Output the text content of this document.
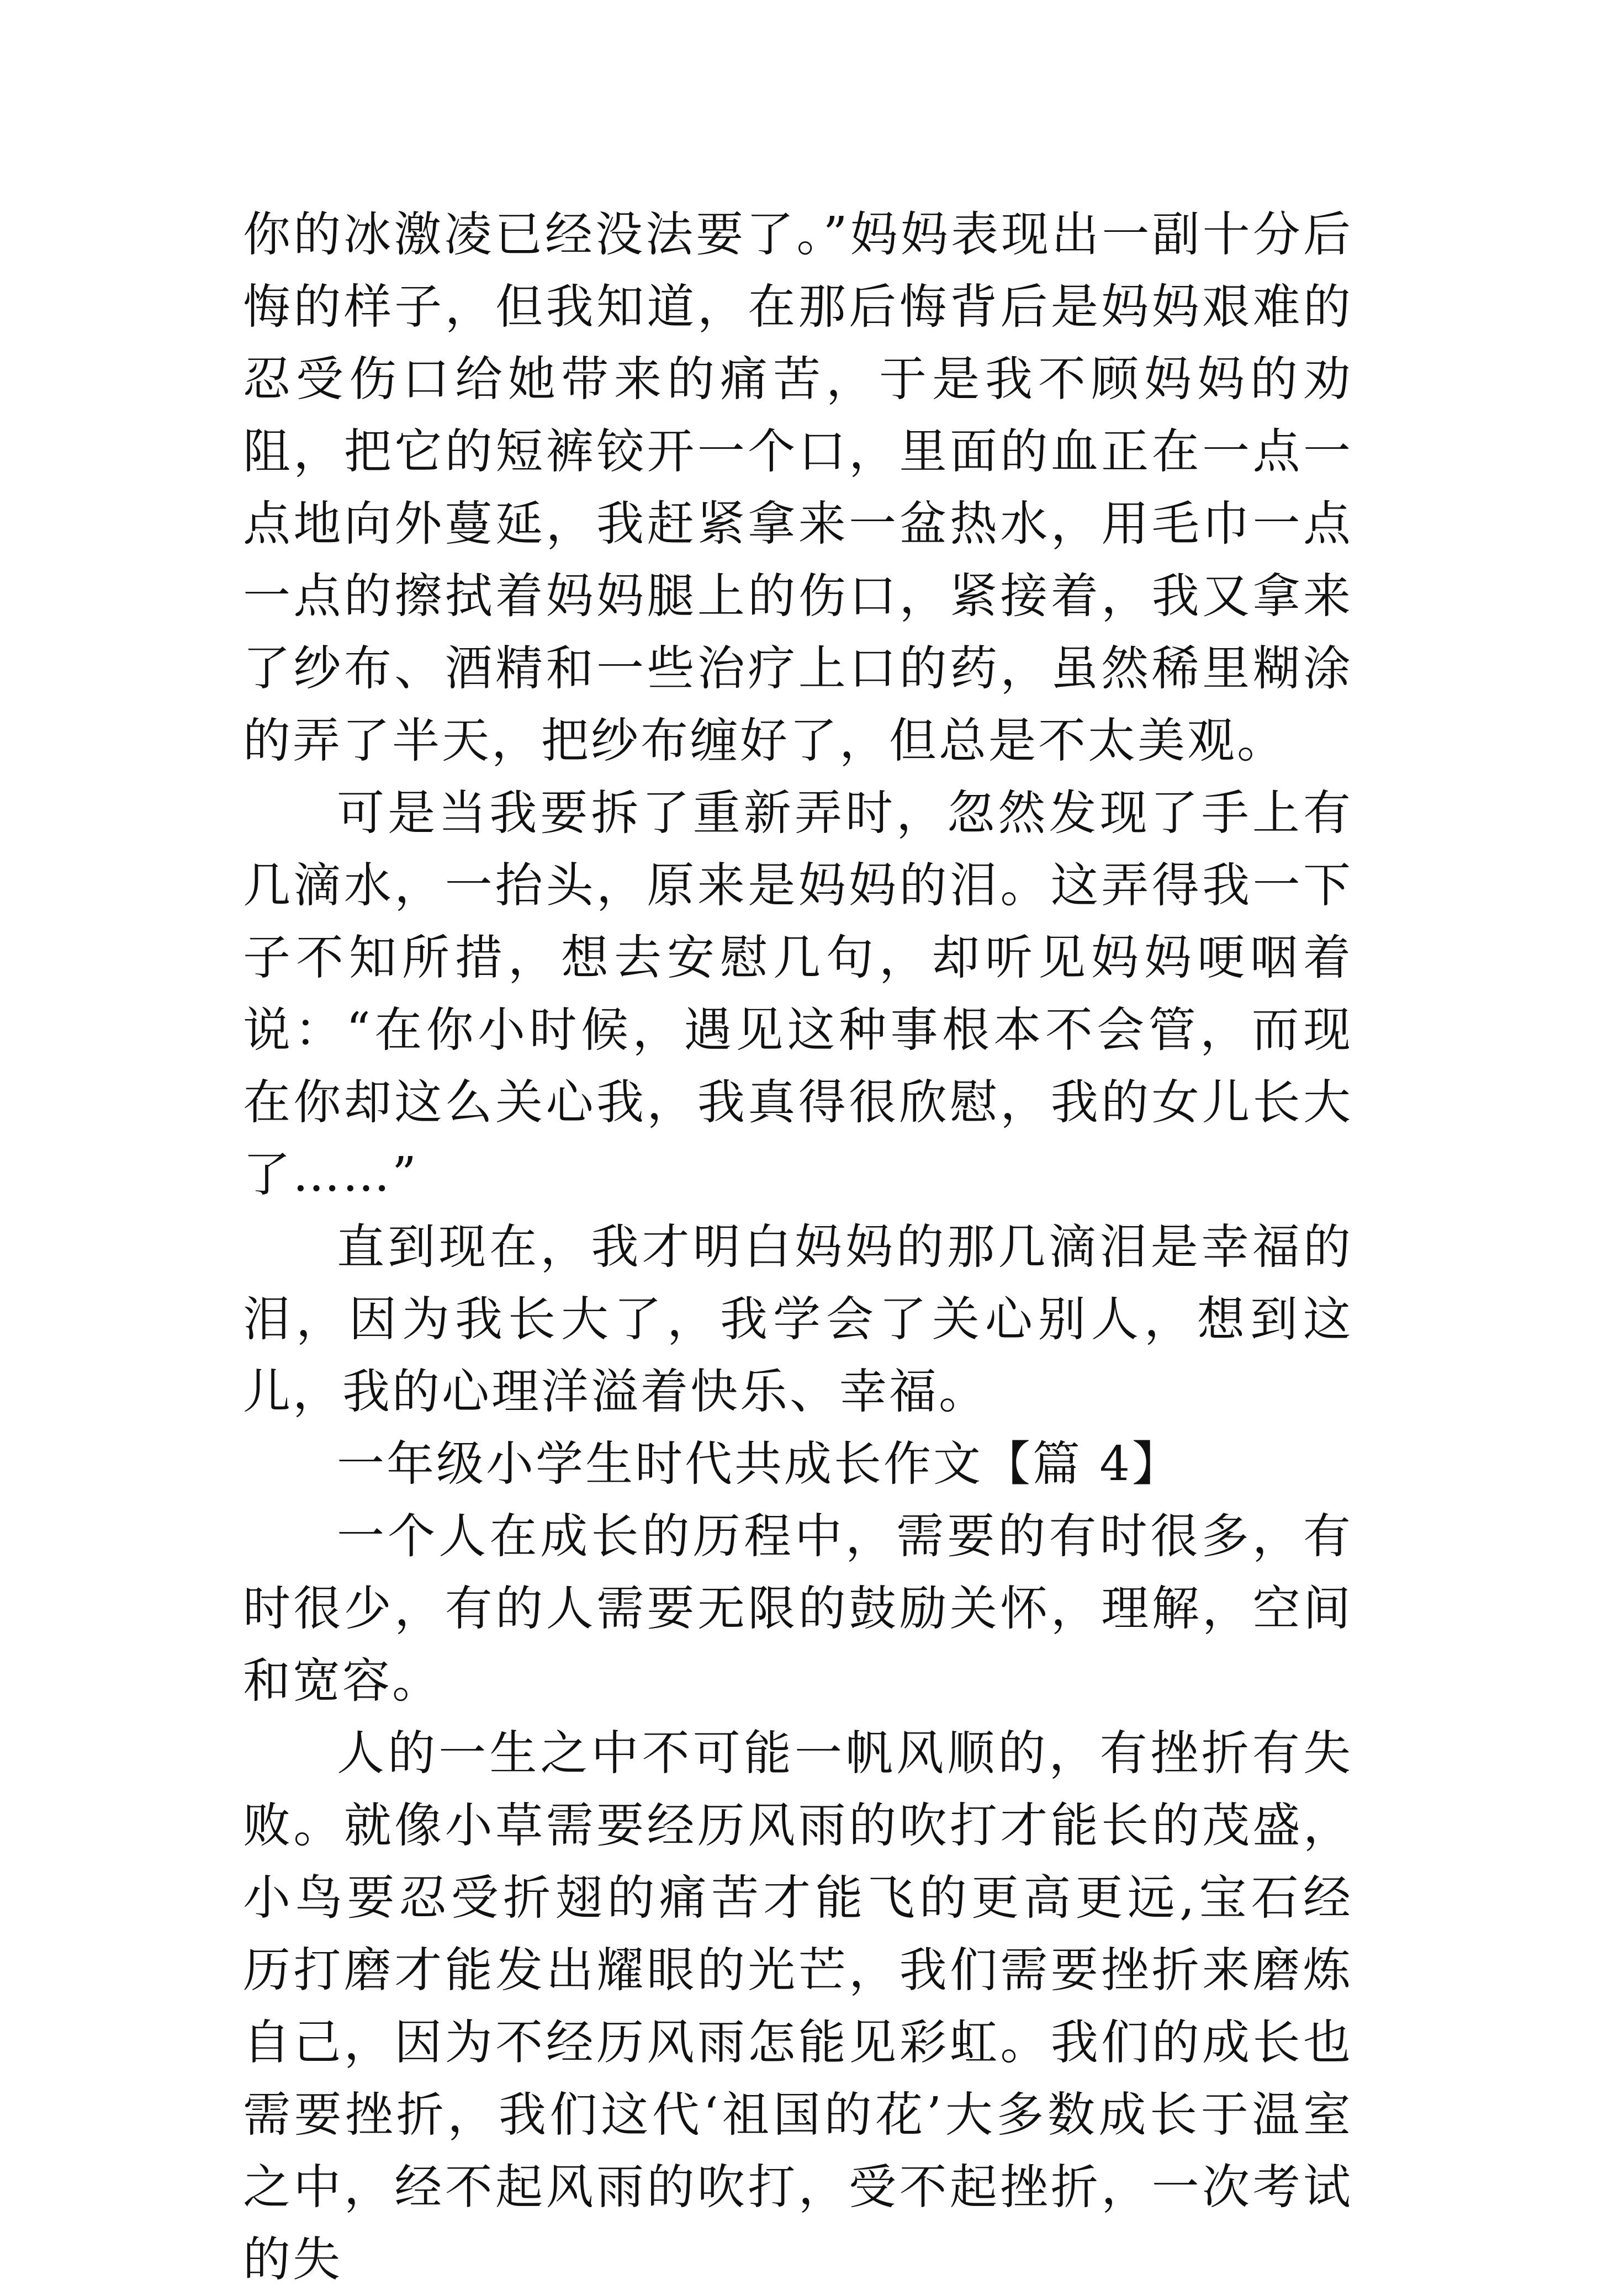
你的冰激凌已经没法要了。”妈妈表现出一副十分后悔的样子，但我知道，在那后悔背后是妈妈艰难的忍受伤口给她带来的痛苦，于是我不顾妈妈的劝阻，把它的短裤铰开一个口，里面的血正在一点一点地向外蔓延，我赶紧拿来一盆热水，用毛巾一点一点的擦拭着妈妈腿上的伤口，紧接着，我又拿来了纱布、酒精和一些治疗上口的药，虽然稀里糊涂的弄了半天，把纱布缠好了，但总是不太美观。

可是当我要拆了重新弄时，忽然发现了手上有几滴水，一抬头，原来是妈妈的泪。这弄得我一下子不知所措，想去安慰几句，却听见妈妈哽咽着说：“在你小时候，遇见这种事根本不会管，而现在你却这么关心我，我真得很欣慰，我的女儿长大了……”

直到现在，我才明白妈妈的那几滴泪是幸福的泪，因为我长大了，我学会了关心别人，想到这儿，我的心理洋溢着快乐、幸福。

一年级小学生时代共成长作文【篇 4】

一个人在成长的历程中，需要的有时很多，有时很少，有的人需要无限的鼓励关怀，理解，空间和宽容。

人的一生之中不可能一帆风顺的，有挫折有失败。就像小草需要经历风雨的吹打才能长的茂盛，小鸟要忍受折翅的痛苦才能飞的更高更远,宝石经历打磨才能发出耀眼的光芒，我们需要挫折来磨炼自己，因为不经历风雨怎能见彩虹。我们的成长也需要挫折，我们这代‘祖国的花’大多数成长于温室之中，经不起风雨的吹打，受不起挫折，一次考试的失
